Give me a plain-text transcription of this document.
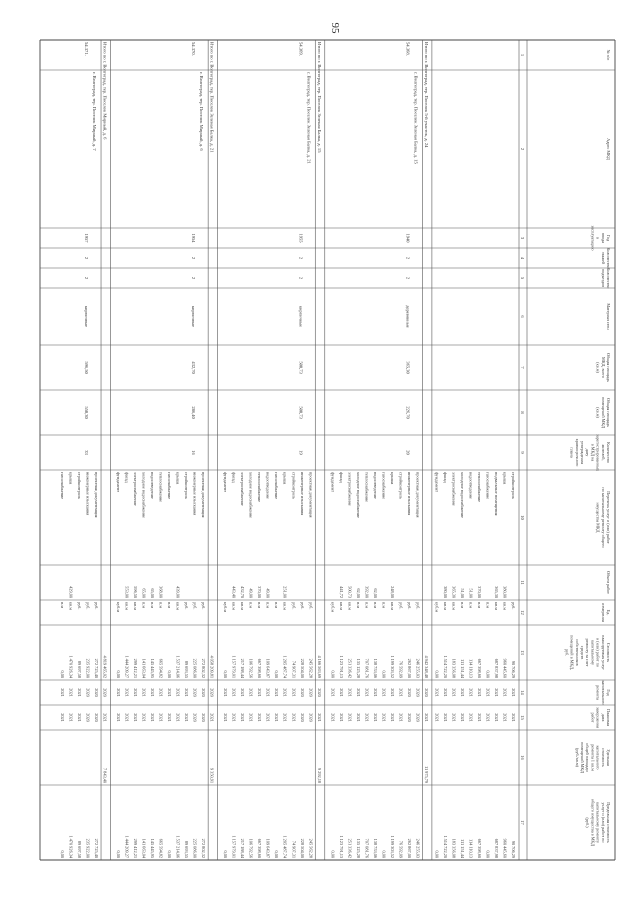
95
№ п/п
Адрес МКД
Годвводавэксплуатацию
Количествоэтажей
Количествоподъездов
Материал стен
Общая площадьМКД, всего(кв.м)
Общая площадьпомещений МКД(кв.м)
Количествожителей,зарегистрированныхв МКД надатуутверждениякраткосрочногоплана
Перечень услуг и (или) работпо капитальному ремонту общегоимущества МКД
Объем работ
Ед.измерения
Стоимостьпланируемых услуги (или) работ покапитальномуремонту за счетсредствсобственниковпомещений в МКД,руб.
Годкапитальногоремонта
Плановаядатазавершенияработ
Удельнаястоимостькапитальногоремонта 1 кв.мобщей площадипомещений МКД(руб./кв.м)
Предельная стоимостьуслуг и (или) работ покапитальному ремонтуобщего имущества в МКД(руб.)
1
2
3
4
5
6
7
8
9
10
11
12
13
14
15
16
17
стройконтроль
руб.
90 706,29
2021
2021
90 706,29
крыша
380,00
кв.м
960 445,60
2021
2021
960 445,60
подвальные помещения
365,30
кв.м
687 837,98
2021
2021
687 837,98
газоснабжение
п.м
0,00
2021
2021
0,00
теплоснабжение
370,00
п.м
667 398,60
2021
2021
667 398,60
водоотведение
51,00
п.м
114 110,13
2021
2021
114 110,13
холодное водоснабжение
51,00
п.м
111 151,44
2021
2021
111 151,44
электроснабжение
365,30
кв.м
183 356,08
2021
2021
183 356,08
фасад
380,00
кв.м
1 514 722,20
2021
2021
1 514 722,20
фундамент
куб.м
0,00
2021
2021
0,00
Итого по г. Волгоград, тер. Поселок 5-й участок, д. 24
4 942 348,48
2020
2021
11 975,79
54.368.
г. Волгоград, тер. Поселок Зеленая Балка, д. 15
1940
2
2
деревянные
365,30
226,70
20
проектная документация
руб.
246 255,03
2020
2020
246 255,03
инженерные изыскания
руб.
262 867,00
2020
2020
262 867,00
стройконтроль
руб.
76 592,09
2021
2021
76 592,09
крыша
248,00
кв.м
1 199 303,52
2021
2021
1 199 303,52
газоснабжение
п.м
0,00
2021
2021
0,00
водоотведение
62,00
п.м
138 753,06
2021
2021
138 753,06
теплоснабжение
392,00
п.м
707 081,76
2021
2021
707 081,76
холодное водоснабжение
62,00
п.м
135 125,28
2021
2021
135 125,28
электроснабжение
500,73
кв.м
251 336,42
2021
2021
251 336,42
фасад
441,72
кв.м
1 123 791,13
2021
2021
1 123 791,13
фундамент
куб.м
0,00
2021
2021
0,00
Итого по г. Волгоград, тер. Поселок Зеленая Балка, д. 15
4 166 563,69
2020
2021
9 292,18
54.369.
г. Волгоград, тер. Поселок Зеленая Балка, д. 21
1955
2
2
кирпичные
500,73
500,73
19
проектная документация
руб.
245 562,28
2020
2020
245 562,28
инженерные изыскания
руб.
228 504,00
2020
2020
228 504,00
стройконтроль
руб.
74 907,31
2021
2021
74 907,31
крыша
251,00
кв.м
1 205 487,74
2021
2021
1 205 487,74
газоснабжение
п.м
0,00
2021
2021
0,00
водоотведение
49,00
п.м
109 643,87
2021
2021
109 643,87
теплоснабжение
370,00
п.м
667 398,60
2021
2021
667 398,60
холодное водоснабжение
49,00
п.м
106 792,56
2021
2021
106 792,56
электроснабжение
432,70
кв.м
217 188,44
2021
2021
217 188,44
фасад
443,40
кв.м
1 157 979,01
2021
2021
1 157 979,01
фундамент
куб.м
0,00
2021
2021
0,00
Итого по г. Волгоград, тер. Поселок Зеленая Балка, д. 21
4 058 209,81
2020
2021
9 350,91
54.370.
г. Волгоград, тер. Поселок Мирный, д. 6
1954
2
2
кирпичные
432,70
286,40
16
проектная документация
руб.
272 802,32
2020
2020
272 802,32
инженерные изыскания
руб.
225 086,00
2020
2020
225 086,00
стройконтроль
руб.
89 693,55
2021
2021
89 693,55
крыша
439,00
кв.м
1 537 214,06
2021
2021
1 537 214,06
газоснабжение
п.м
0,00
2021
2021
0,00
теплоснабжение
368,00
п.м
665 594,82
2021
2021
665 594,82
водоотведение
65,00
п.м
145 445,95
2021
2021
145 445,95
холодное водоснабжение
65,00
п.м
141 663,04
2021
2021
141 663,04
электроснабжение
596,50
кв.м
299 412,21
2021
2021
299 412,21
фасад
553,00
кв.м
1 444 209,27
2021
2021
1 444 209,27
фундамент
куб.м
0,00
2021
2021
0,00
Итого по г. Волгоград, тер. Поселок Мирный, д. 6
4 819 465,02
2020
2021
7 843,40
54.371.
г. Волгоград, тер. Поселок Мирный, д. 7
1957
2
2
кирпичные
596,50
550,30
33
проектная документация
руб.
272 725,40
2020
2020
272 725,40
инженерные изыскания
руб.
235 922,00
2020
2020
235 922,00
стройконтроль
руб.
89 697,58
2021
2021
89 697,58
крыша
429,00
кв.м
1 470 926,34
2021
2021
1 470 926,34
газоснабжение
п.м
0,00
2021
2021
0,00
